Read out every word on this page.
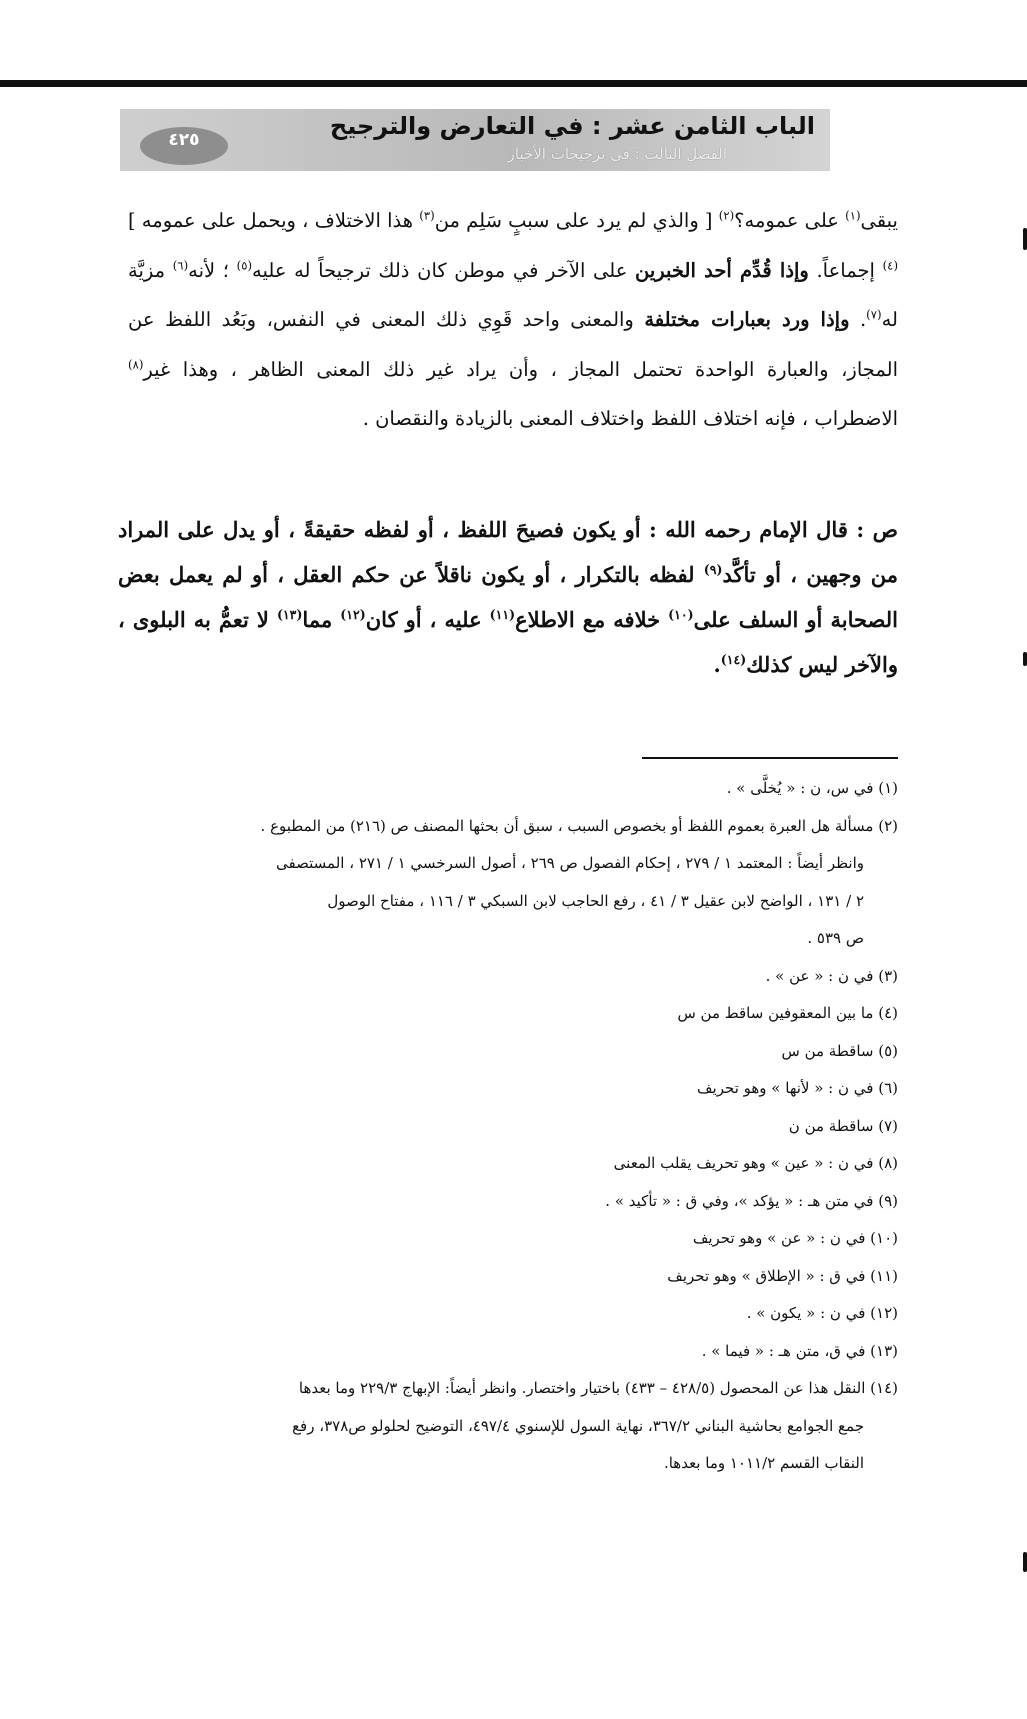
٤٢٥	الباب الثامن عشر : في التعارض والترجيح
الفصل الثالث : في ترجيحات الأخبار

يبقى$^{(١)}$ على عمومه؟$^{(٢)}$ [ والذي لم يرد على سببٍ سَلِم من$^{(٣)}$ هذا الاختلاف ، ويحمل على عمومه ]$^{(٤)}$ إجماعاً. وإذا قُدِّم أحد الخبرين على الآخر في موطن كان ذلك ترجيحاً له عليه$^{(٥)}$ ؛ لأنه$^{(٦)}$ مزيَّة له$^{(٧)}$. وإذا ورد بعبارات مختلفة والمعنى واحد قَوِي ذلك المعنى في النفس، وبَعُد اللفظ عن المجاز، والعبارة الواحدة تحتمل المجاز ، وأن يراد غير ذلك المعنى الظاهر ، وهذا غير$^{(٨)}$ الاضطراب ، فإنه اختلاف اللفظ واختلاف المعنى بالزيادة والنقصان .

ص : قال الإمام رحمه الله : أو يكون فصيحَ اللفظ ، أو لفظه حقيقةً ، أو يدل على المراد من وجهين ، أو تأكَّد$^{(٩)}$ لفظه بالتكرار ، أو يكون ناقلاً عن حكم العقل ، أو لم يعمل بعض الصحابة أو السلف على$^{(١٠)}$ خلافه مع الاطلاع$^{(١١)}$ عليه ، أو كان$^{(١٢)}$ مما$^{(١٣)}$ لا تعمُّ به البلوى ، والآخر ليس كذلك$^{(١٤)}$.

(١) في س، ن : « يُخلَّى » .
(٢) مسألة هل العبرة بعموم اللفظ أو بخصوص السبب ، سبق أن بحثها المصنف ص (٢١٦) من المطبوع .
وانظر أيضاً : المعتمد ١ / ٢٧٩ ، إحكام الفصول ص ٢٦٩ ، أصول السرخسي ١ / ٢٧١ ، المستصفى
٢ / ١٣١ ، الواضح لابن عقيل ٣ / ٤١ ، رفع الحاجب لابن السبكي ٣ / ١١٦ ، مفتاح الوصول
ص ٥٣٩ .
(٣) في ن : « عن » .
(٤) ما بين المعقوفين ساقط من س
(٥) ساقطة من س
(٦) في ن : « لأنها » وهو تحريف
(٧) ساقطة من ن
(٨) في ن : « عين » وهو تحريف يقلب المعنى
(٩) في متن هـ : « يؤكد »، وفي ق : « تأكيد » .
(١٠) في ن : « عن » وهو تحريف
(١١) في ق : « الإطلاق » وهو تحريف
(١٢) في ن : « يكون » .
(١٣) في ق، متن هـ : « فيما » .
(١٤) النقل هذا عن المحصول (٤٢٨/٥ – ٤٣٣) باختيار واختصار. وانظر أيضاً: الإبهاج ٢٢٩/٣ وما بعدها
جمع الجوامع بحاشية البناني ٣٦٧/٢، نهاية السول للإسنوي ٤٩٧/٤، التوضيح لحلولو ص٣٧٨، رفع
النقاب القسم ١٠١١/٢ وما بعدها.
